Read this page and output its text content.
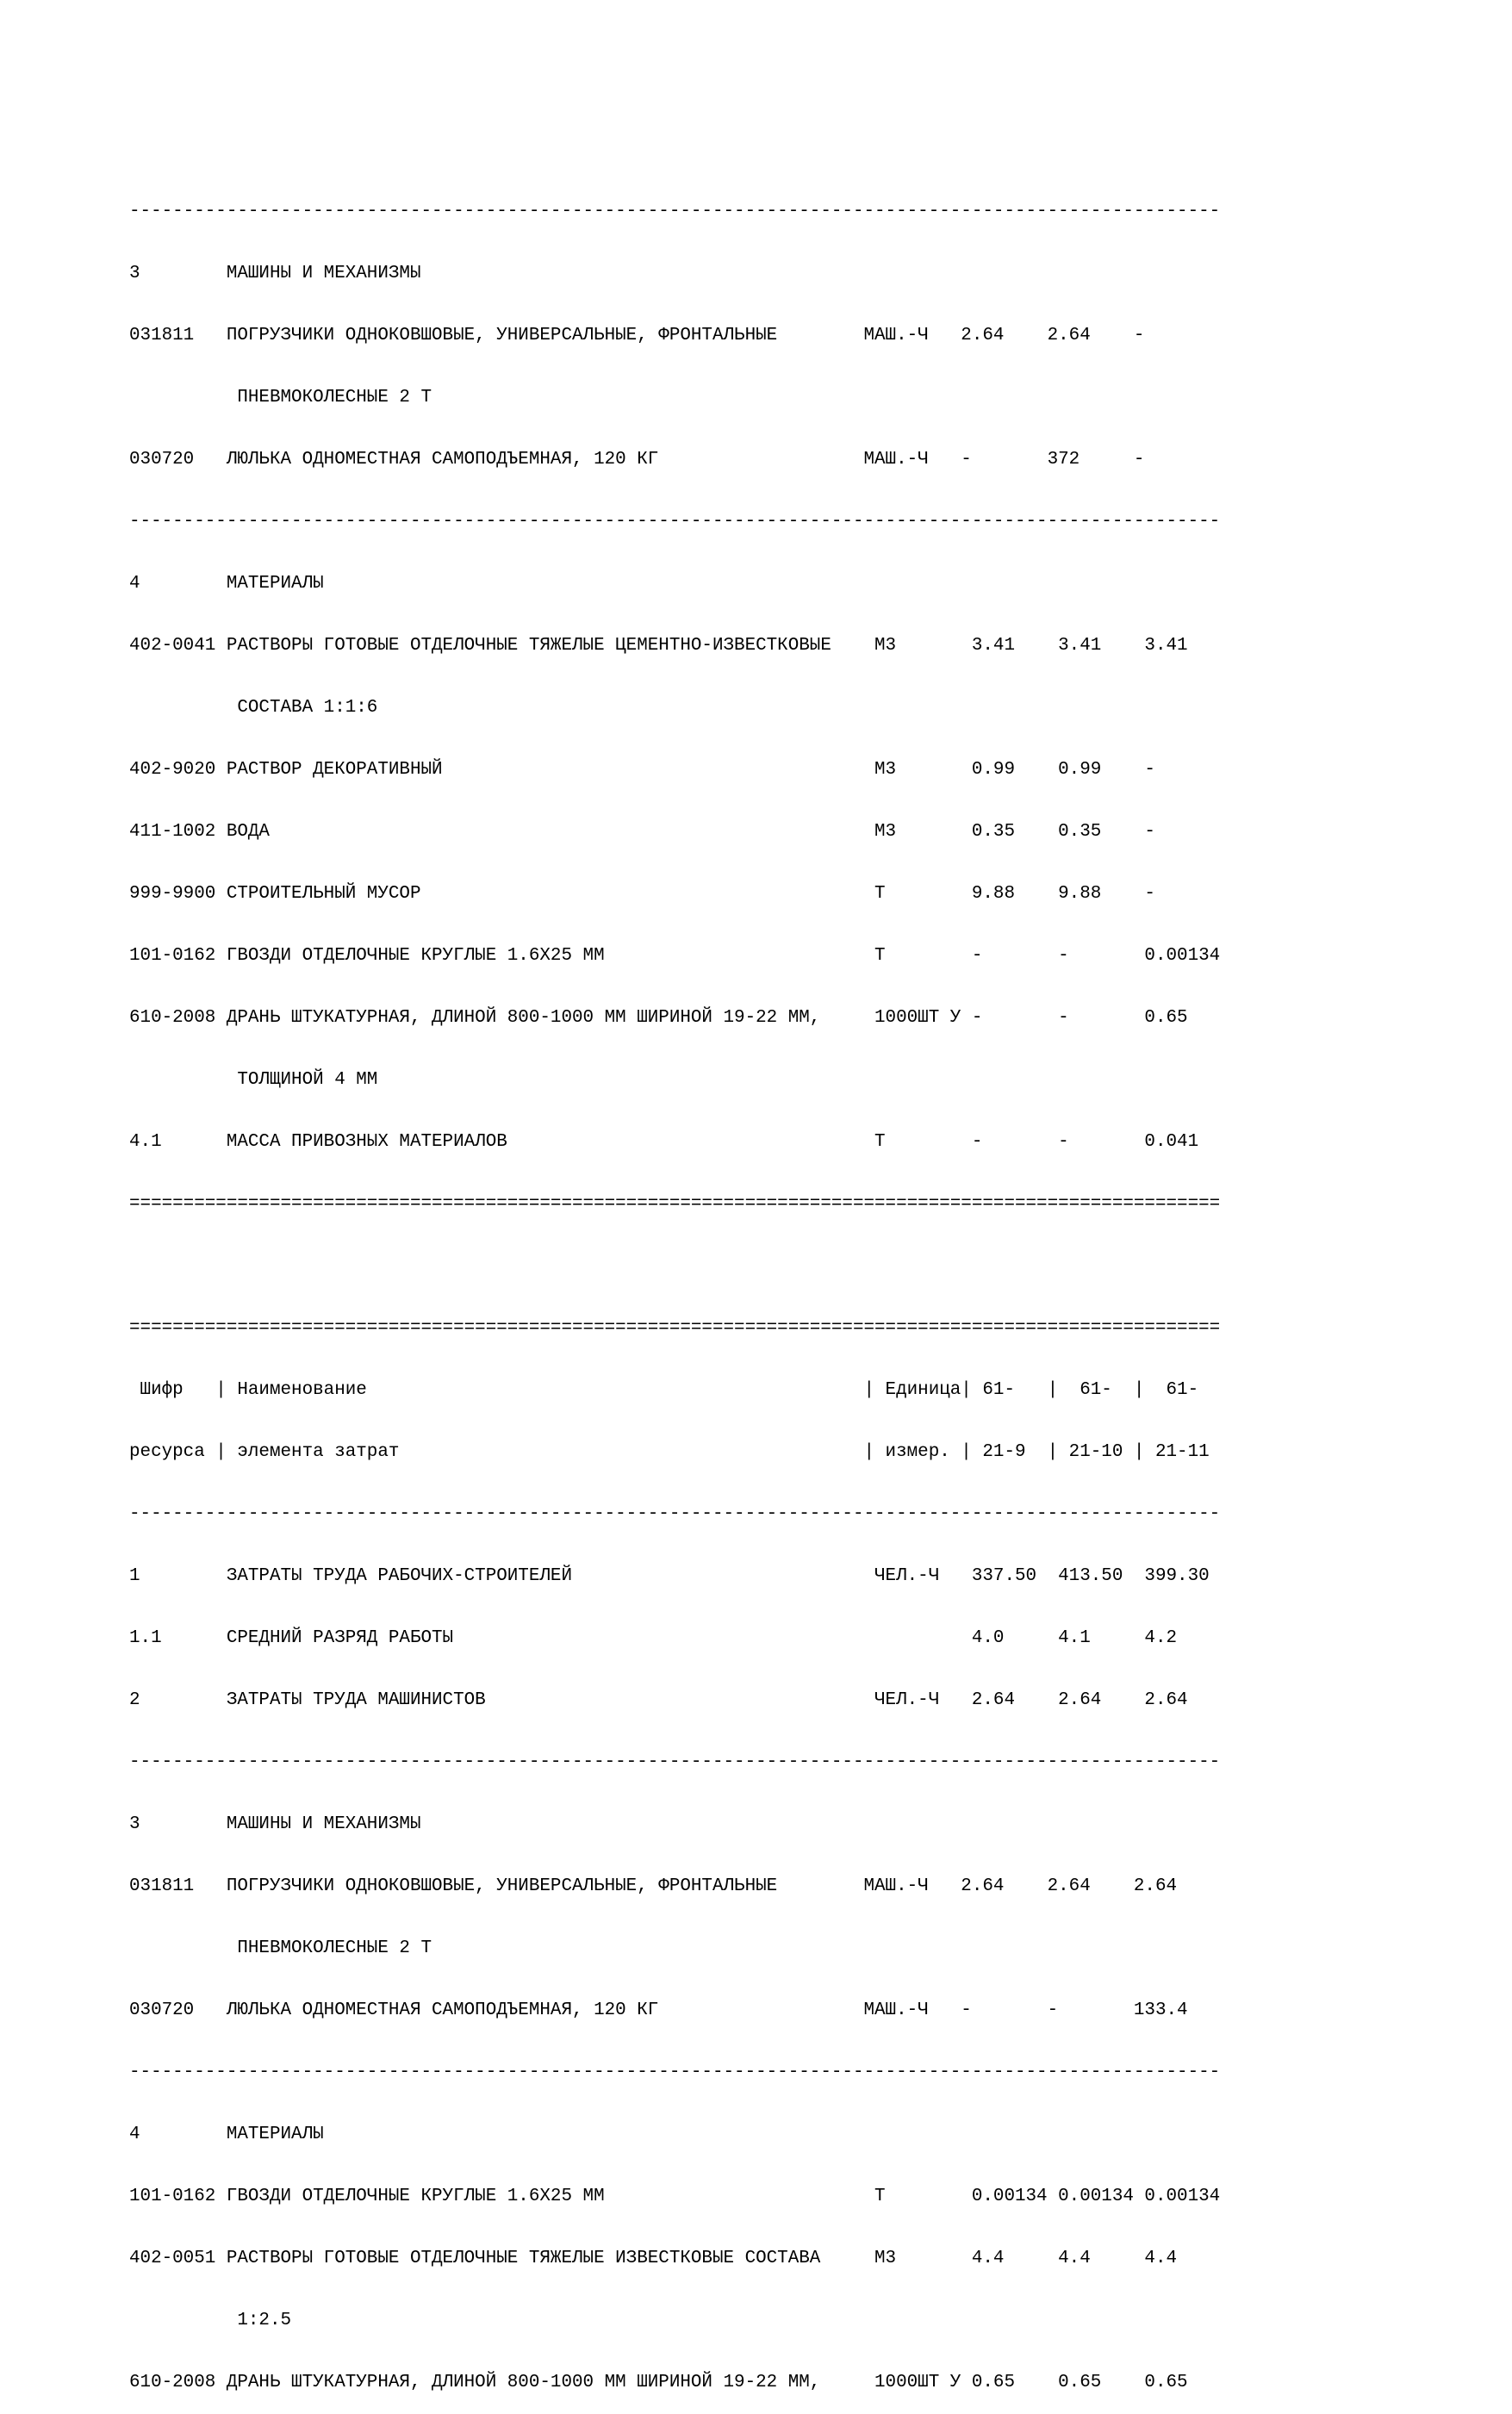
-----------------------------------------------------------------------------------------------------

3        МАШИНЫ И МЕХАНИЗМЫ

031811   ПОГРУЗЧИКИ ОДНОКОВШОВЫЕ, УНИВЕРСАЛЬНЫЕ, ФРОНТАЛЬНЫЕ        МАШ.-Ч   2.64    2.64    -

ПНЕВМОКОЛЕСНЫЕ 2 Т

030720   ЛЮЛЬКА ОДНОМЕСТНАЯ САМОПОДЪЕМНАЯ, 120 КГ                   МАШ.-Ч   -       372     -

-----------------------------------------------------------------------------------------------------

4        МАТЕРИАЛЫ

402-0041 РАСТВОРЫ ГОТОВЫЕ ОТДЕЛОЧНЫЕ ТЯЖЕЛЫЕ ЦЕМЕНТНО-ИЗВЕСТКОВЫЕ    М3       3.41    3.41    3.41

СОСТАВА 1:1:6

402-9020 РАСТВОР ДЕКОРАТИВНЫЙ                                        М3       0.99    0.99    -

411-1002 ВОДА                                                        М3       0.35    0.35    -

999-9900 СТРОИТЕЛЬНЫЙ МУСОР                                          Т        9.88    9.88    -

101-0162 ГВОЗДИ ОТДЕЛОЧНЫЕ КРУГЛЫЕ 1.6Х25 ММ                         Т        -       -       0.00134

610-2008 ДРАНЬ ШТУКАТУРНАЯ, ДЛИНОЙ 800-1000 ММ ШИРИНОЙ 19-22 ММ,     1000ШТ У -       -       0.65

ТОЛЩИНОЙ 4 ММ

4.1      МАССА ПРИВОЗНЫХ МАТЕРИАЛОВ                                  Т        -       -       0.041

=====================================================================================================

=====================================================================================================

Шифр   | Наименование                                              | Единица| 61-   |  61-  |  61-

ресурса | элемента затрат                                           | измер. | 21-9  | 21-10 | 21-11

-----------------------------------------------------------------------------------------------------

1        ЗАТРАТЫ ТРУДА РАБОЧИХ-СТРОИТЕЛЕЙ                            ЧЕЛ.-Ч   337.50  413.50  399.30

1.1      СРЕДНИЙ РАЗРЯД РАБОТЫ                                                4.0     4.1     4.2

2        ЗАТРАТЫ ТРУДА МАШИНИСТОВ                                    ЧЕЛ.-Ч   2.64    2.64    2.64

-----------------------------------------------------------------------------------------------------

3        МАШИНЫ И МЕХАНИЗМЫ

031811   ПОГРУЗЧИКИ ОДНОКОВШОВЫЕ, УНИВЕРСАЛЬНЫЕ, ФРОНТАЛЬНЫЕ        МАШ.-Ч   2.64    2.64    2.64

ПНЕВМОКОЛЕСНЫЕ 2 Т

030720   ЛЮЛЬКА ОДНОМЕСТНАЯ САМОПОДЪЕМНАЯ, 120 КГ                   МАШ.-Ч   -       -       133.4

-----------------------------------------------------------------------------------------------------

4        МАТЕРИАЛЫ

101-0162 ГВОЗДИ ОТДЕЛОЧНЫЕ КРУГЛЫЕ 1.6Х25 ММ                         Т        0.00134 0.00134 0.00134

402-0051 РАСТВОРЫ ГОТОВЫЕ ОТДЕЛОЧНЫЕ ТЯЖЕЛЫЕ ИЗВЕСТКОВЫЕ СОСТАВА     М3       4.4     4.4     4.4

1:2.5

610-2008 ДРАНЬ ШТУКАТУРНАЯ, ДЛИНОЙ 800-1000 ММ ШИРИНОЙ 19-22 ММ,     1000ШТ У 0.65    0.65    0.65
